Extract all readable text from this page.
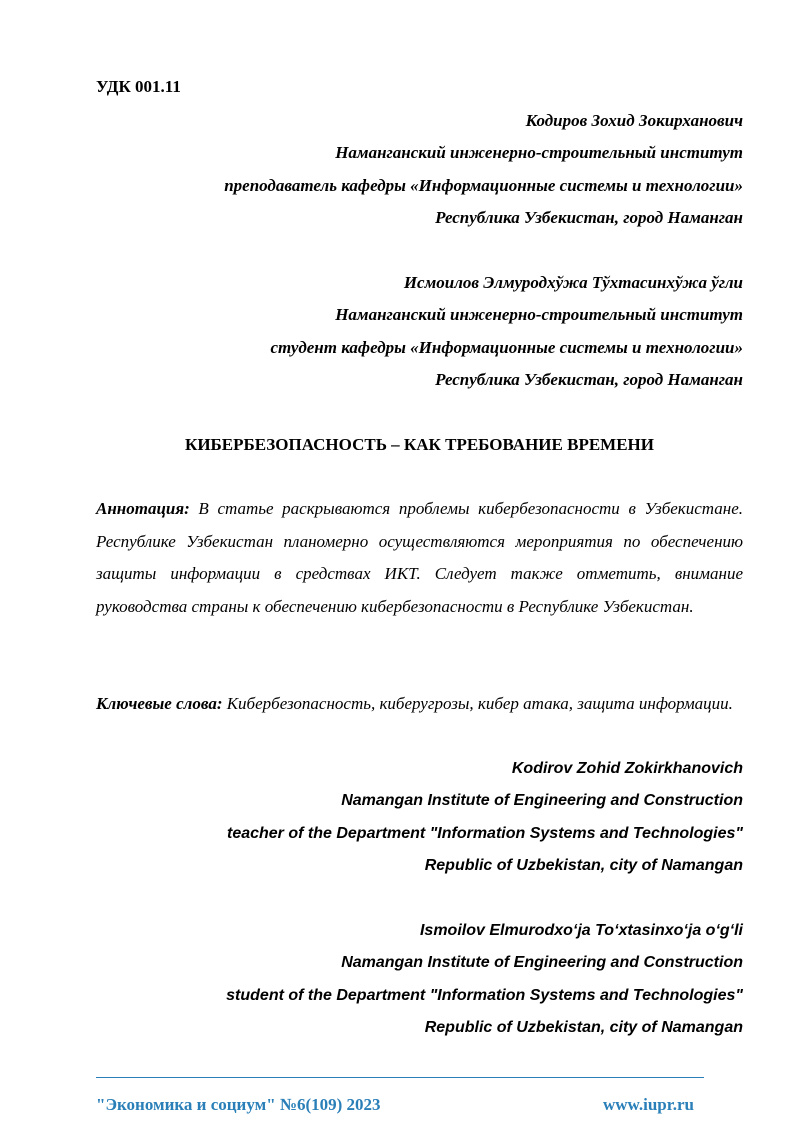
УДК 001.11
Кодиров Зохид Зокирханович
Наманганский инженерно-строительный институт
преподаватель кафедры «Информационные системы и технологии»
Республика Узбекистан, город Наманган
Исмоилов Элмуродхўжа Тўхтасинхўжа ўгли
Наманганский инженерно-строительный институт
студент кафедры «Информационные системы и технологии»
Республика Узбекистан, город Наманган
КИБЕРБЕЗОПАСНОСТЬ – КАК ТРЕБОВАНИЕ ВРЕМЕНИ
Аннотация: В статье раскрываются проблемы кибербезопасности в Узбекистане. Республике Узбекистан планомерно осуществляются мероприятия по обеспечению защиты информации в средствах ИКТ. Следует также отметить, внимание руководства страны к обеспечению кибербезопасности в Республике Узбекистан.
Ключевые слова: Кибербезопасность, киберугрозы, кибер атака, защита информации.
Kodirov Zohid Zokirkhanovich
Namangan Institute of Engineering and Construction
teacher of the Department "Information Systems and Technologies"
Republic of Uzbekistan, city of Namangan
Ismoilov Elmurodxo‘ja To‘xtasinxo‘ja o‘g‘li
Namangan Institute of Engineering and Construction
student of the Department "Information Systems and Technologies"
Republic of Uzbekistan, city of Namangan
"Экономика и социум" №6(109) 2023	www.iupr.ru
